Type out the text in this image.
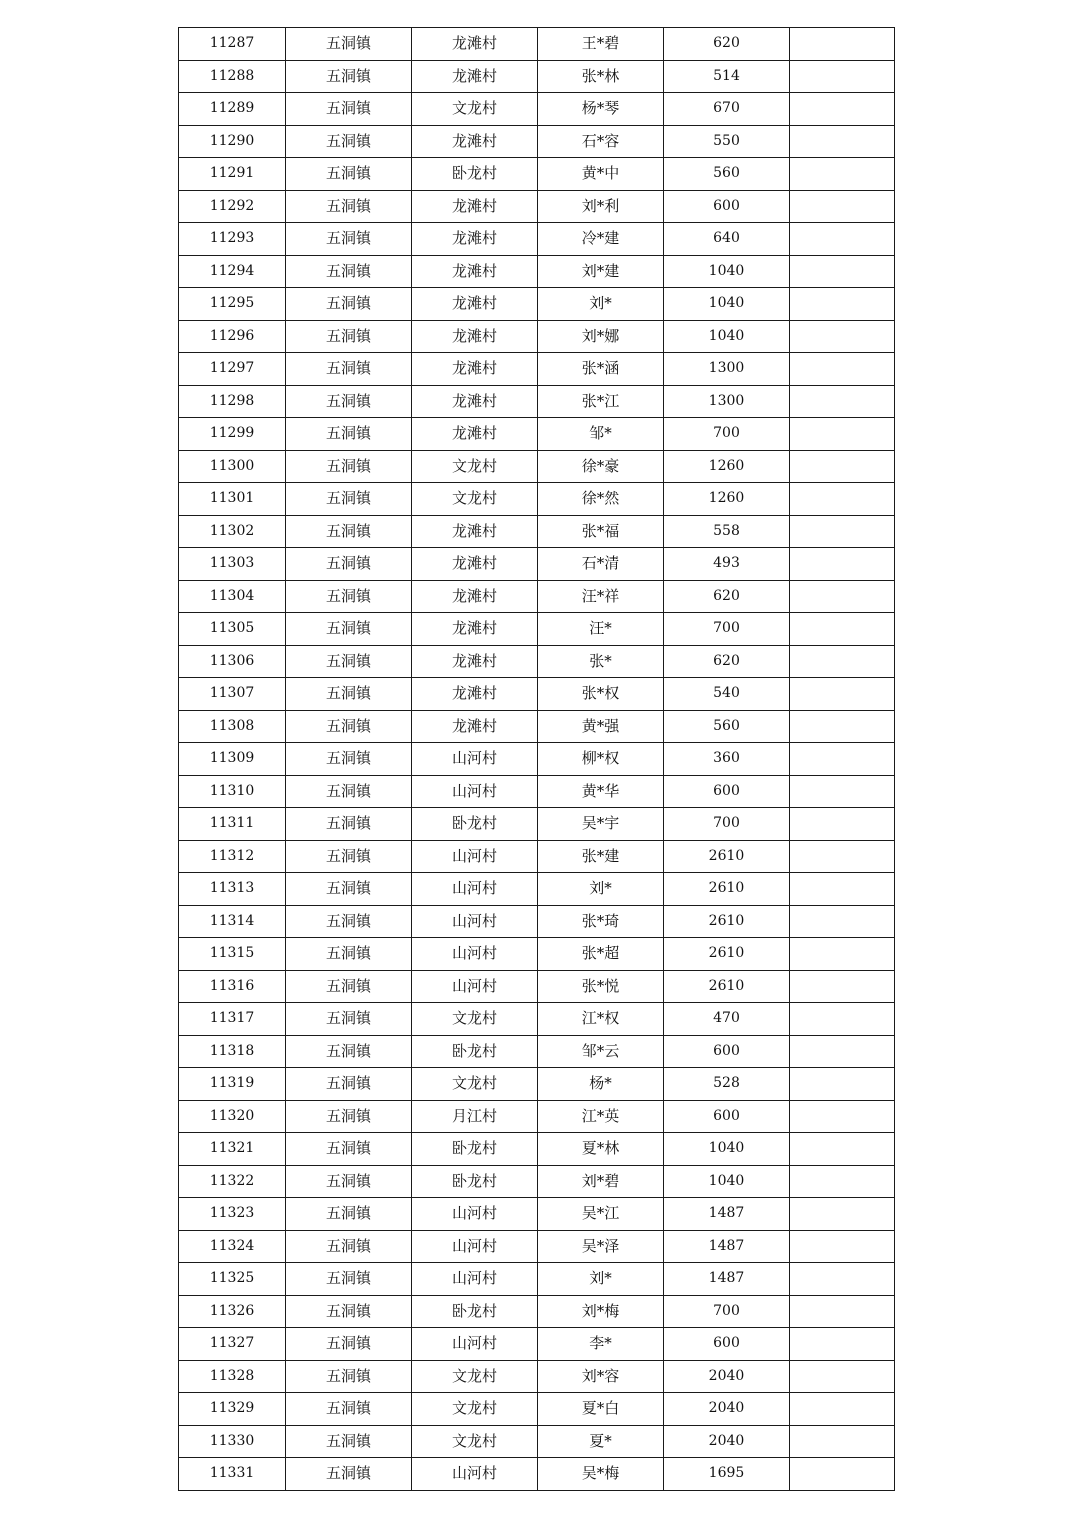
11287	五洞镇	龙滩村	王*碧	620	
11288	五洞镇	龙滩村	张*林	514	
11289	五洞镇	文龙村	杨*琴	670	
11290	五洞镇	龙滩村	石*容	550	
11291	五洞镇	卧龙村	黄*中	560	
11292	五洞镇	龙滩村	刘*利	600	
11293	五洞镇	龙滩村	冷*建	640	
11294	五洞镇	龙滩村	刘*建	1040	
11295	五洞镇	龙滩村	刘*	1040	
11296	五洞镇	龙滩村	刘*娜	1040	
11297	五洞镇	龙滩村	张*涵	1300	
11298	五洞镇	龙滩村	张*江	1300	
11299	五洞镇	龙滩村	邹*	700	
11300	五洞镇	文龙村	徐*豪	1260	
11301	五洞镇	文龙村	徐*然	1260	
11302	五洞镇	龙滩村	张*福	558	
11303	五洞镇	龙滩村	石*清	493	
11304	五洞镇	龙滩村	汪*祥	620	
11305	五洞镇	龙滩村	汪*	700	
11306	五洞镇	龙滩村	张*	620	
11307	五洞镇	龙滩村	张*权	540	
11308	五洞镇	龙滩村	黄*强	560	
11309	五洞镇	山河村	柳*权	360	
11310	五洞镇	山河村	黄*华	600	
11311	五洞镇	卧龙村	吴*宇	700	
11312	五洞镇	山河村	张*建	2610	
11313	五洞镇	山河村	刘*	2610	
11314	五洞镇	山河村	张*琦	2610	
11315	五洞镇	山河村	张*超	2610	
11316	五洞镇	山河村	张*悦	2610	
11317	五洞镇	文龙村	江*权	470	
11318	五洞镇	卧龙村	邹*云	600	
11319	五洞镇	文龙村	杨*	528	
11320	五洞镇	月江村	江*英	600	
11321	五洞镇	卧龙村	夏*林	1040	
11322	五洞镇	卧龙村	刘*碧	1040	
11323	五洞镇	山河村	吴*江	1487	
11324	五洞镇	山河村	吴*泽	1487	
11325	五洞镇	山河村	刘*	1487	
11326	五洞镇	卧龙村	刘*梅	700	
11327	五洞镇	山河村	李*	600	
11328	五洞镇	文龙村	刘*容	2040	
11329	五洞镇	文龙村	夏*白	2040	
11330	五洞镇	文龙村	夏*	2040	
11331	五洞镇	山河村	吴*梅	1695	
